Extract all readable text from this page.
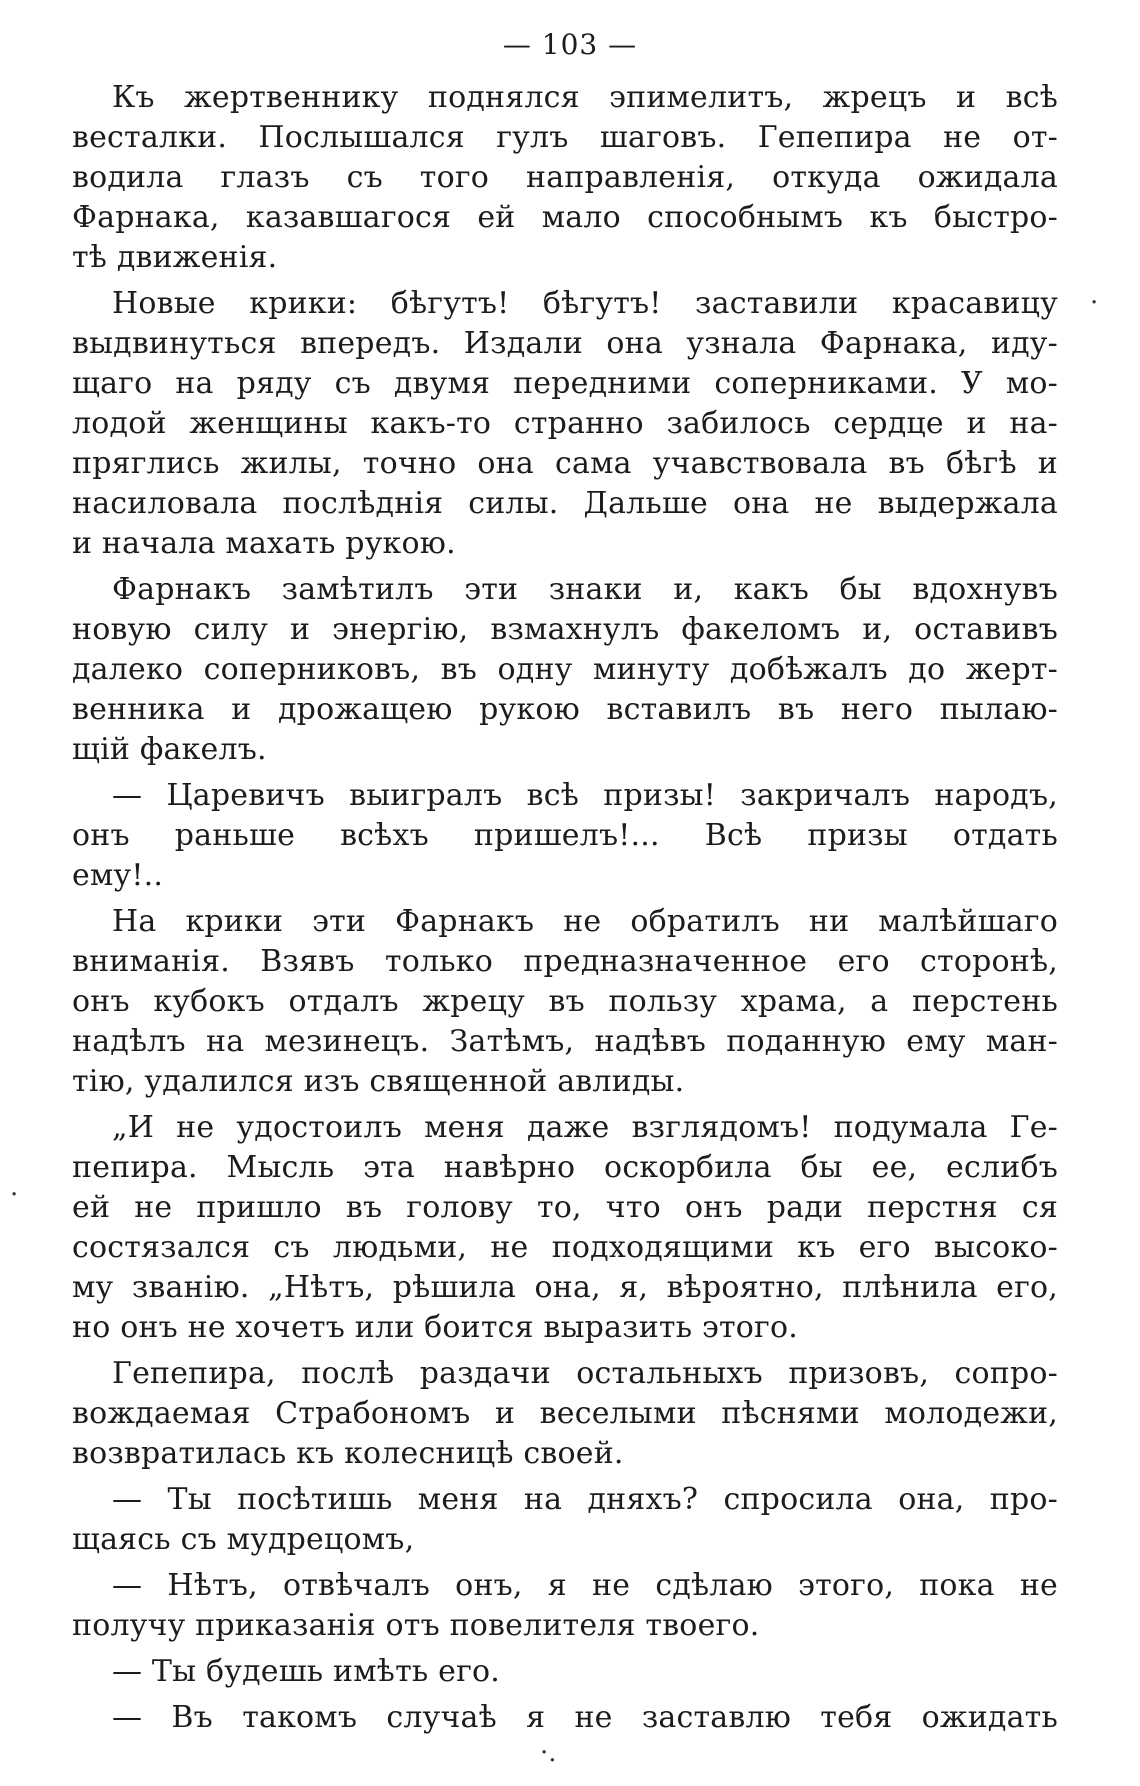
— 103 —
Къ жертвеннику поднялся эпимелитъ, жрецъ и всѣ
весталки. Послышался гулъ шаговъ. Гепепира не от-
водила глазъ съ того направленія, откуда ожидала
Фарнака, казавшагося ей мало способнымъ къ быстро-
тѣ движенія.
Новые крики: бѣгутъ! бѣгутъ! заставили красавицу
выдвинуться впередъ. Издали она узнала Фарнака, иду-
щаго на ряду съ двумя передними соперниками. У мо-
лодой женщины какъ-то странно забилось сердце и на-
пряглись жилы, точно она сама учавствовала въ бѣгѣ и
насиловала послѣднія силы. Дальше она не выдержала
и начала махать рукою.
Фарнакъ замѣтилъ эти знаки и, какъ бы вдохнувъ
новую силу и энергію, взмахнулъ факеломъ и, оставивъ
далеко соперниковъ, въ одну минуту добѣжалъ до жерт-
венника и дрожащею рукою вставилъ въ него пылаю-
щій факелъ.
— Царевичъ выигралъ всѣ призы! закричалъ народъ,
онъ раньше всѣхъ пришелъ!... Всѣ призы отдать
ему!..
На крики эти Фарнакъ не обратилъ ни малѣйшаго
вниманія. Взявъ только предназначенное его сторонѣ,
онъ кубокъ отдалъ жрецу въ пользу храма, а перстень
надѣлъ на мезинецъ. Затѣмъ, надѣвъ поданную ему ман-
тію, удалился изъ священной авлиды.
„И не удостоилъ меня даже взглядомъ! подумала Ге-
пепира. Мысль эта навѣрно оскорбила бы ее, еслибъ
ей не пришло въ голову то, что онъ ради перстня ся
состязался съ людьми, не подходящими къ его высоко-
му званію. „Нѣтъ, рѣшила она, я, вѣроятно, плѣнила его,
но онъ не хочетъ или боится выразить этого.
Гепепира, послѣ раздачи остальныхъ призовъ, сопро-
вождаемая Страбономъ и веселыми пѣснями молодежи,
возвратилась къ колесницѣ своей.
— Ты посѣтишь меня на дняхъ? спросила она, про-
щаясь съ мудрецомъ,
— Нѣтъ, отвѣчалъ онъ, я не сдѣлаю этого, пока не
получу приказанія отъ повелителя твоего.
— Ты будешь имѣть его.
— Въ такомъ случаѣ я не заставлю тебя ожидать
·
·
·.
